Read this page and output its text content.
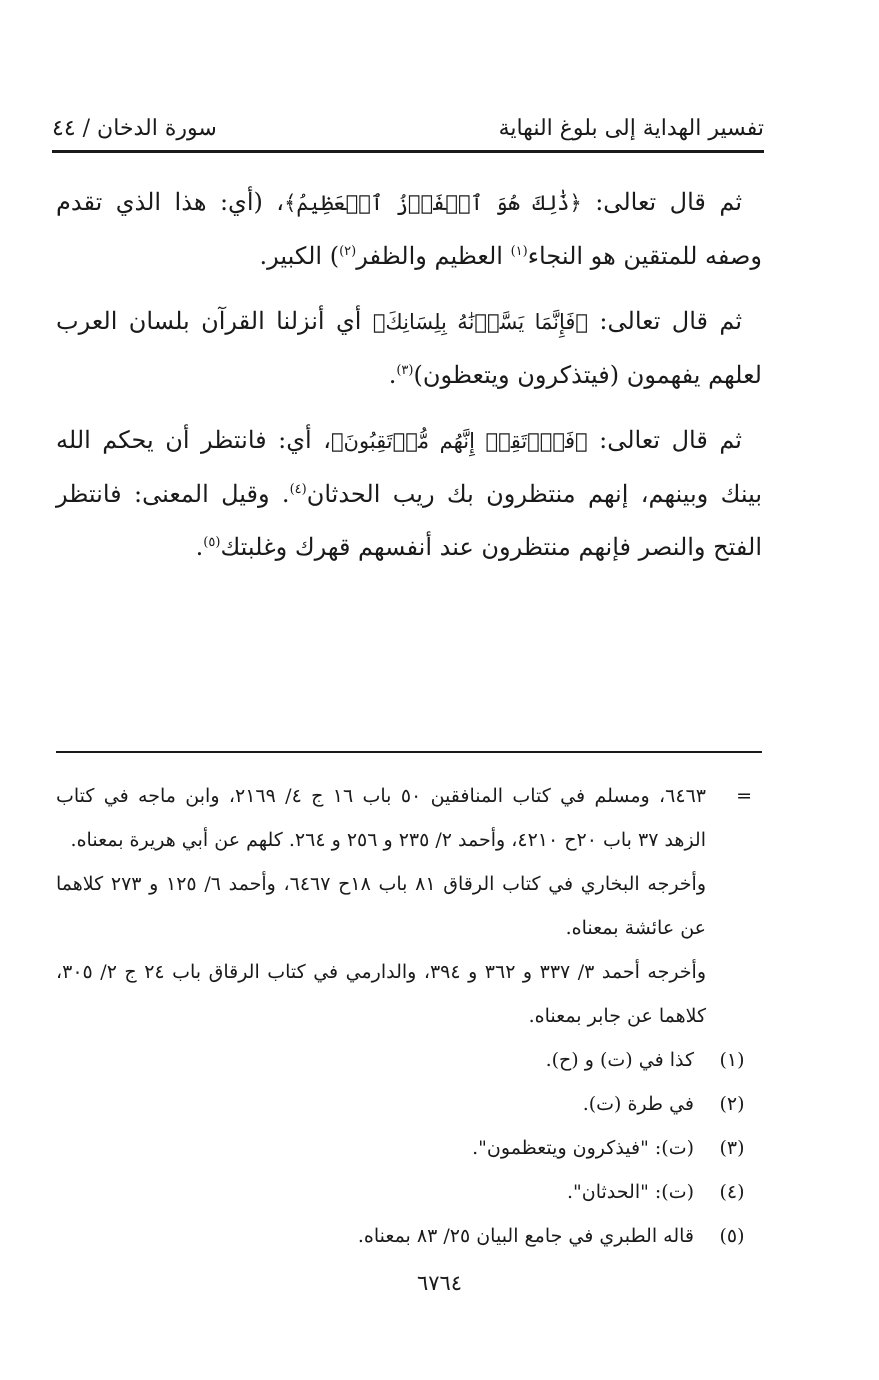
تفسير الهداية إلى بلوغ النهاية
سورة الدخان / ٤٤

ثم قال تعالى: ﴿ذَٰلِكَ هُوَ ٱلۡفَوۡزُ ٱلۡعَظِيمُ﴾، (أي: هذا الذي تقدم وصفه للمتقين هو النجاء$^{(١)}$ العظيم والظفر$^{(٢)}$) الكبير.

ثم قال تعالى: ﴿فَإِنَّمَا يَسَّرۡنَٰهُ بِلِسَانِكَ﴾ أي أنزلنا القرآن بلسان العرب لعلهم يفهمون (فيتذكرون ويتعظون)$^{(٣)}$.

ثم قال تعالى: ﴿فَٱرۡتَقِبۡ إِنَّهُم مُّرۡتَقِبُونَ﴾، أي: فانتظر أن يحكم الله بينك وبينهم، إنهم منتظرون بك ريب الحدثان$^{(٤)}$. وقيل المعنى: فانتظر الفتح والنصر فإنهم منتظرون عند أنفسهم قهرك وغلبتك$^{(٥)}$.

=

٦٤٦٣، ومسلم في كتاب المنافقين ٥٠ باب ١٦ ج ٤/ ٢١٦٩، وابن ماجه في كتاب الزهد ٣٧ باب ٢٠ح ٤٢١٠، وأحمد ٢/ ٢٣٥ و ٢٥٦ و ٢٦٤. كلهم عن أبي هريرة بمعناه.

وأخرجه البخاري في كتاب الرقاق ٨١ باب ١٨ح ٦٤٦٧، وأحمد ٦/ ١٢٥ و ٢٧٣ كلاهما عن عائشة بمعناه.

وأخرجه أحمد ٣/ ٣٣٧ و ٣٦٢ و ٣٩٤، والدارمي في كتاب الرقاق باب ٢٤ ج ٢/ ٣٠٥، كلاهما عن جابر بمعناه.

(١)
كذا في (ت) و (ح).
(٢)
في طرة (ت).
(٣)
(ت): "فيذكرون ويتعظمون".
(٤)
(ت): "الحدثان".
(٥)
قاله الطبري في جامع البيان ٢٥/ ٨٣ بمعناه.
٦٧٦٤
